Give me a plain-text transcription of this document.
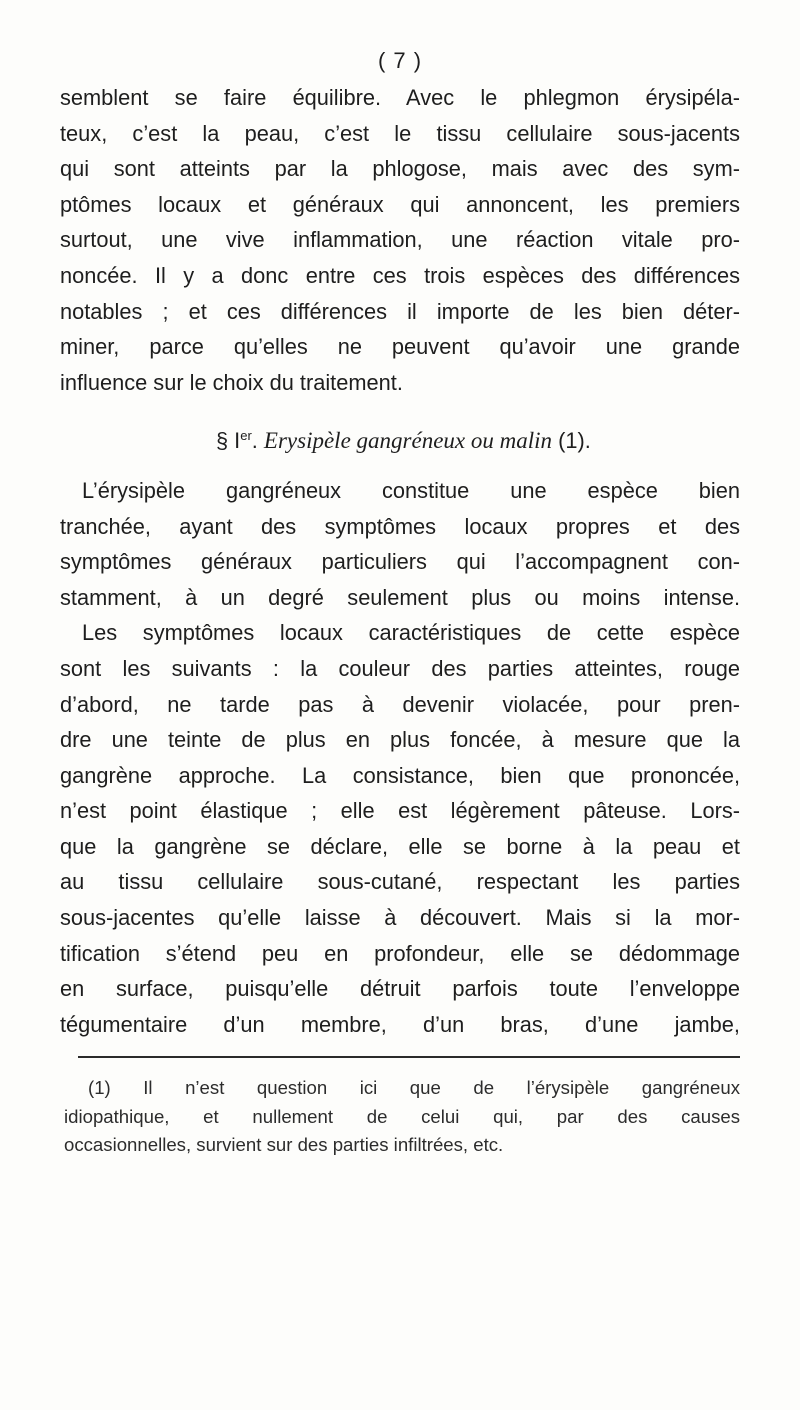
( 7 )

semblent se faire équilibre. Avec le phlegmon érysipéla-
teux, c’est la peau, c’est le tissu cellulaire sous-jacents
qui sont atteints par la phlogose, mais avec des sym-
ptômes locaux et généraux qui annoncent, les premiers
surtout, une vive inflammation, une réaction vitale pro-
noncée. Il y a donc entre ces trois espèces des différences
notables ; et ces différences il importe de les bien déter-
miner, parce qu’elles ne peuvent qu’avoir une grande
influence sur le choix du traitement.

§ Ier. Erysipèle gangréneux ou malin (1).

L’érysipèle gangréneux constitue une espèce bien
tranchée, ayant des symptômes locaux propres et des
symptômes généraux particuliers qui l’accompagnent con-
stamment, à un degré seulement plus ou moins intense.
Les symptômes locaux caractéristiques de cette espèce
sont les suivants : la couleur des parties atteintes, rouge
d’abord, ne tarde pas à devenir violacée, pour pren-
dre une teinte de plus en plus foncée, à mesure que la
gangrène approche. La consistance, bien que prononcée,
n’est point élastique ; elle est légèrement pâteuse. Lors-
que la gangrène se déclare, elle se borne à la peau et
au tissu cellulaire sous-cutané, respectant les parties
sous-jacentes qu’elle laisse à découvert. Mais si la mor-
tification s’étend peu en profondeur, elle se dédommage
en surface, puisqu’elle détruit parfois toute l’enveloppe
tégumentaire d’un membre, d’un bras, d’une jambe,

(1) Il n’est question ici que de l’érysipèle gangréneux
idiopathique, et nullement de celui qui, par des causes
occasionnelles, survient sur des parties infiltrées, etc.
